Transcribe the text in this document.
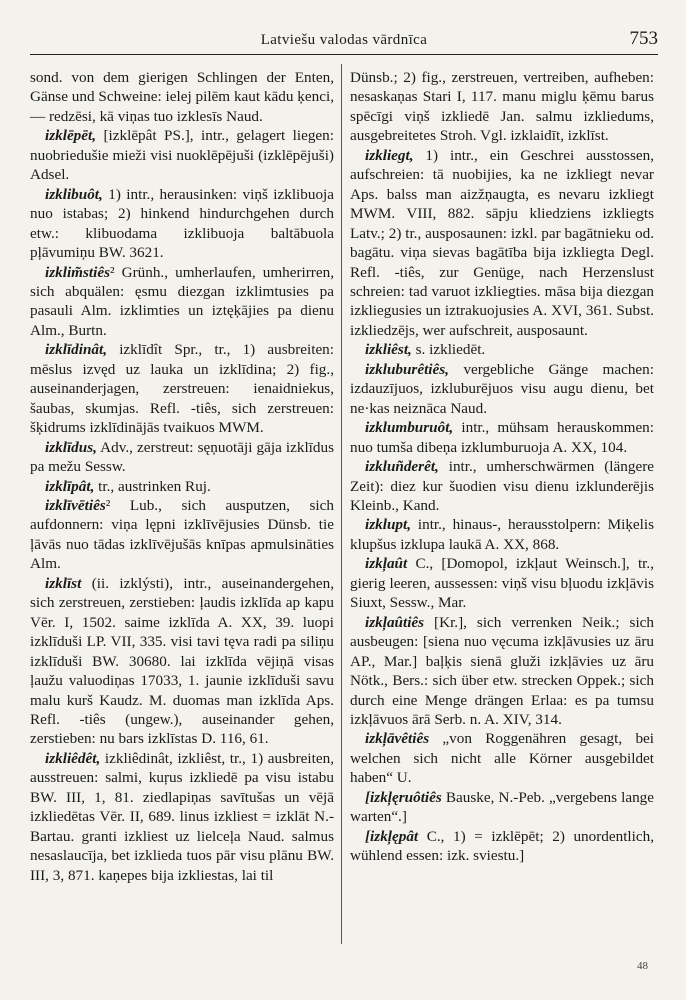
Latviešu valodas vārdnīca	753

sond. von dem gierigen Schlingen der Enten, Gänse und Schweine: ielej pilēm kaut kādu ķenci, — redzēsi, kā viņas tuo izklesīs Naud.

izklēpēt, [izklēpât PS.], intr., gelagert liegen: nuobriedušie mieži visi nuoklēpējuši (izklēpējuši) Adsel.

izklibuôt, 1) intr., herausinken: viņš izklibuoja nuo istabas; 2) hinkend hindurchgehen durch etw.: klibuodama izklibuoja baltābuola pļāvumiņu BW. 3621.

izklim̃stiês² Grünh., umherlaufen, umherirren, sich abquälen: ęsmu diezgan izklimtusies pa pasauli Alm. izklimties un iztęķājies pa dienu Alm., Burtn.

izklīdinât, izklīdît Spr., tr., 1) ausbreiten: mēslus izvęd uz lauka un izklīdina; 2) fig., auseinanderjagen, zerstreuen: ienaidniekus, šaubas, skumjas. Refl. -tiês, sich zerstreuen: šķidrums izklīdinājās tvaikuos MWM.

izklīdus, Adv., zerstreut: sęņuotāji gāja izklīdus pa mežu Sessw.

izklīpât, tr., austrinken Ruj.

izklīvētiês² Lub., sich ausputzen, sich aufdonnern: viņa lępni izklīvējusies Dünsb. tie ļāvās nuo tādas izklīvējušās knīpas apmulsināties Alm.

izklīst (ii. izklýsti), intr., auseinandergehen, sich zerstreuen, zerstieben: ļaudis izklīda ap kapu Vēr. I, 1502. saime izklīda A. XX, 39. luopi izklīduši LP. VII, 335. visi tavi tęva radi pa siliņu izklīduši BW. 30680. lai izklīda vējiņā visas ļaužu valuodiņas 17033, 1. jaunie izklīduši savu malu kurš Kaudz. M. duomas man izklīda Aps. Refl. -tiês (ungew.), auseinander gehen, zerstieben: nu bars izklīstas D. 116, 61.

izkliêdêt, izkliêdinât, izkliêst, tr., 1) ausbreiten, ausstreuen: salmi, kuŗus izkliedē pa visu istabu BW. III, 1, 81. ziedlapiņas savītušas un vējā izkliedētas Vēr. II, 689. linus izkliest = izklāt N.-Bartau. granti izkliest uz lielceļa Naud. salmus nesaslaucīja, bet izklieda tuos pār visu plānu BW. III, 3, 871. kaņepes bija izkliestas, lai til

Dünsb.; 2) fig., zerstreuen, vertreiben, aufheben: nesaskaņas Stari I, 117. manu miglu ķēmu barus spēcīgi viņš izkliedē Jan. salmu izkliedums, ausgebreitetes Stroh. Vgl. izklaidīt, izklīst.

izkliegt, 1) intr., ein Geschrei ausstossen, aufschreien: tā nuobijies, ka ne izkliegt nevar Aps. balss man aizžņaugta, es nevaru izkliegt MWM. VIII, 882. sāpju kliedziens izkliegts Latv.; 2) tr., ausposaunen: izkl. par bagātnieku od. bagātu. viņa sievas bagātība bija izkliegta Degl. Refl. -tiês, zur Genüge, nach Herzenslust schreien: tad varuot izkliegties. māsa bija diezgan izkliegusies un iztrakuojusies A. XVI, 361. Subst. izkliedzējs, wer aufschreit, ausposaunt.

izkliêst, s. izkliedēt.

izkluburêtiês, vergebliche Gänge machen: izdauzījuos, izkluburējuos visu augu dienu, bet ne·kas neiznāca Naud.

izklumburuôt, intr., mühsam herauskommen: nuo tumša dibeņa izklumburuoja A. XX, 104.

izkluñderêt, intr., umherschwärmen (längere Zeit): diez kur šuodien visu dienu izklunderējis Kleinb., Kand.

izklupt, intr., hinaus-, herausstolpern: Miķelis klupšus izklupa laukā A. XX, 868.

izkļaût C., [Domopol, izkļaut Weinsch.], tr., gierig leeren, aussessen: viņš visu bļuodu izkļāvis Siuxt, Sessw., Mar.

izkļaûtiês [Kr.], sich verrenken Neik.; sich ausbeugen: [siena nuo vęcuma izkļāvusies uz āru AP., Mar.] baļķis sienā gluži izkļāvies uz āru Nötk., Bers.: sich über etw. strecken Oppek.; sich durch eine Menge drängen Erlaa: es pa tumsu izkļāvuos ārā Serb. n. A. XIV, 314.

izkļāvêtiês „von Roggenähren gesagt, bei welchen sich nicht alle Körner ausgebildet haben“ U.

[izkļęruôtiês Bauske, N.-Peb. „vergebens lange warten“.]

[izkļępât C., 1) = izklēpēt; 2) unordentlich, wühlend essen: izk. sviestu.]

48
